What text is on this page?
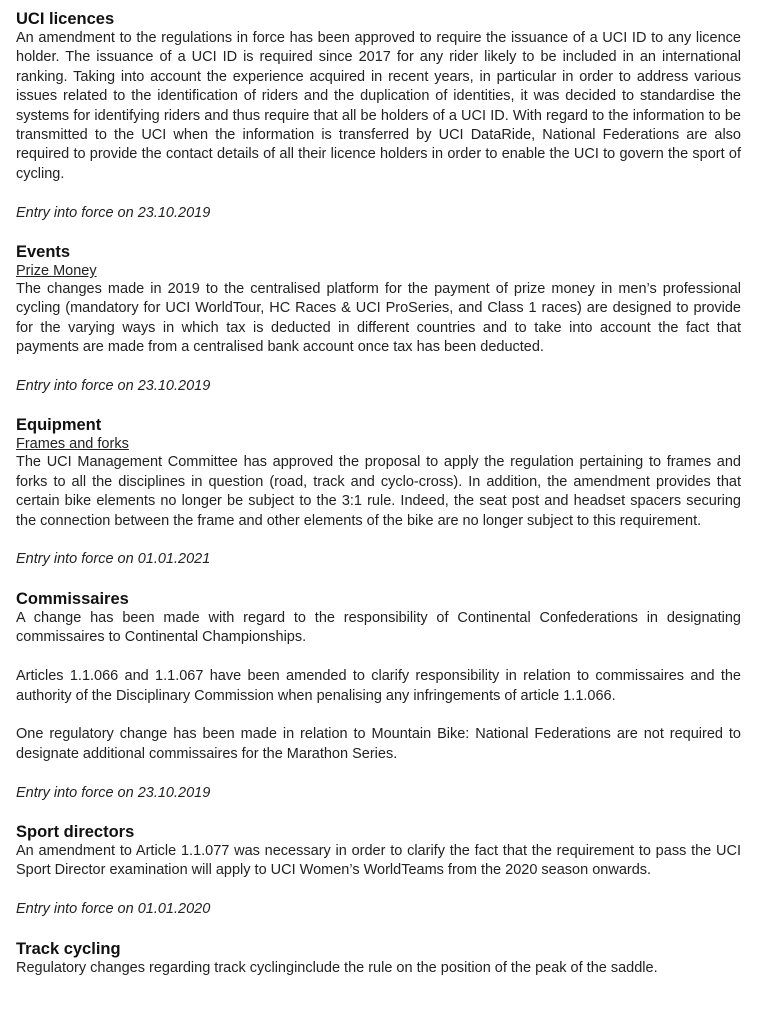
UCI licences

An amendment to the regulations in force has been approved to require the issuance of a UCI ID to any licence holder. The issuance of a UCI ID is required since 2017 for any rider likely to be included in an international ranking. Taking into account the experience acquired in recent years, in particular in order to address various issues related to the identification of riders and the duplication of identities, it was decided to standardise the systems for identifying riders and thus require that all be holders of a UCI ID. With regard to the information to be transmitted to the UCI when the information is transferred by UCI DataRide, National Federations are also required to provide the contact details of all their licence holders in order to enable the UCI to govern the sport of cycling.

Entry into force on 23.10.2019

Events

Prize Money

The changes made in 2019 to the centralised platform for the payment of prize money in men’s professional cycling (mandatory for UCI WorldTour, HC Races & UCI ProSeries, and Class 1 races) are designed to provide for the varying ways in which tax is deducted in different countries and to take into account the fact that payments are made from a centralised bank account once tax has been deducted.

Entry into force on 23.10.2019

Equipment

Frames and forks

The UCI Management Committee has approved the proposal to apply the regulation pertaining to frames and forks to all the disciplines in question (road, track and cyclo-cross). In addition, the amendment provides that certain bike elements no longer be subject to the 3:1 rule. Indeed, the seat post and headset spacers securing the connection between the frame and other elements of the bike are no longer subject to this requirement.

Entry into force on 01.01.2021

Commissaires

A change has been made with regard to the responsibility of Continental Confederations in designating commissaires to Continental Championships.

Articles 1.1.066 and 1.1.067 have been amended to clarify responsibility in relation to commissaires and the authority of the Disciplinary Commission when penalising any infringements of article 1.1.066.

One regulatory change has been made in relation to Mountain Bike: National Federations are not required to designate additional commissaires for the Marathon Series.

Entry into force on 23.10.2019

Sport directors

An amendment to Article 1.1.077 was necessary in order to clarify the fact that the requirement to pass the UCI Sport Director examination will apply to UCI Women’s WorldTeams from the 2020 season onwards.

Entry into force on 01.01.2020

Track cycling

Regulatory changes regarding track cyclinginclude the rule on the position of the peak of the saddle.
